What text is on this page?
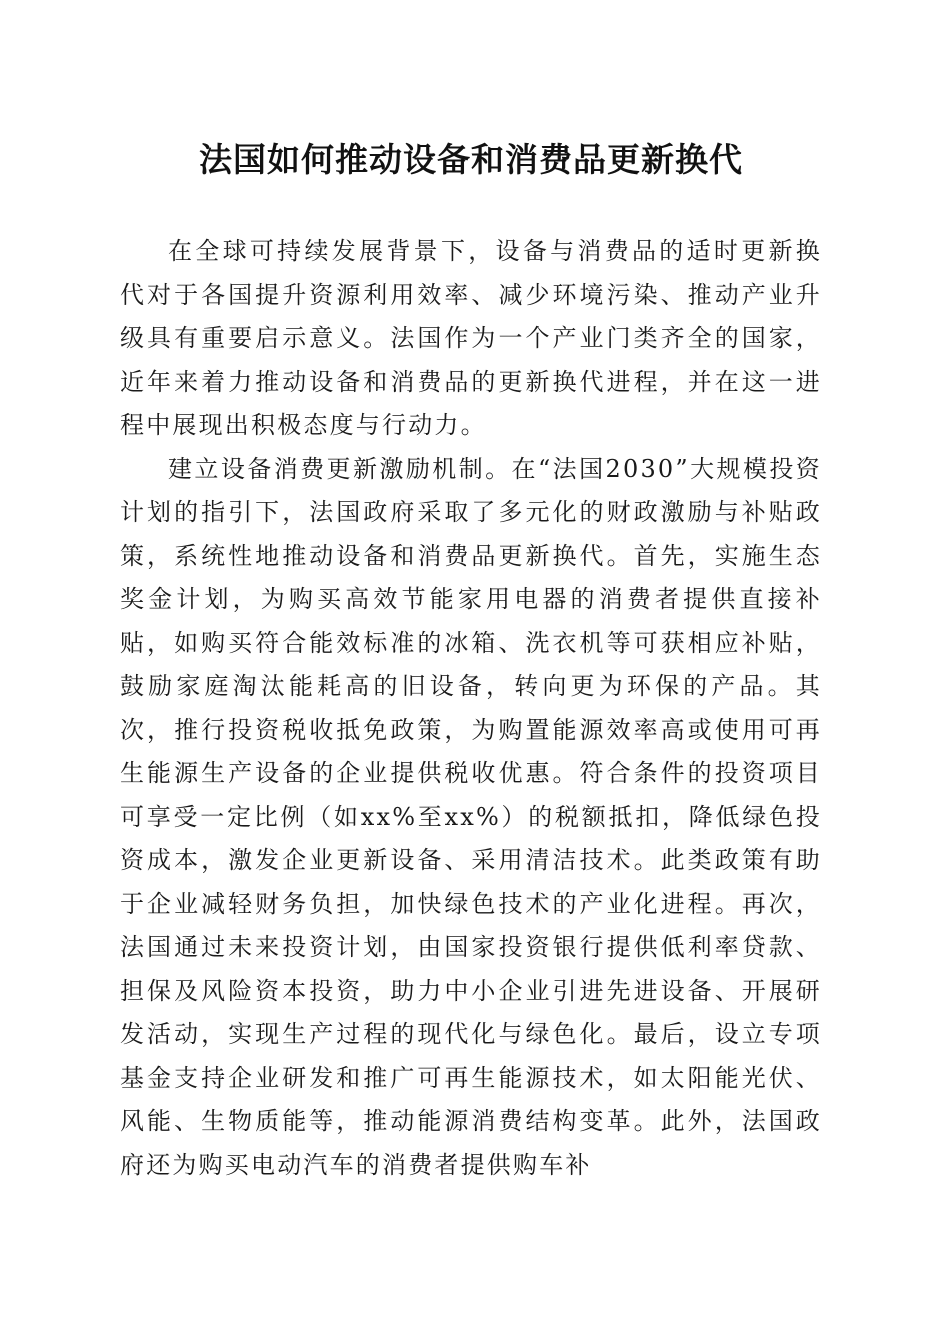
法国如何推动设备和消费品更新换代

在全球可持续发展背景下，设备与消费品的适时更新换代对于各国提升资源利用效率、减少环境污染、推动产业升级具有重要启示意义。法国作为一个产业门类齐全的国家，近年来着力推动设备和消费品的更新换代进程，并在这一进程中展现出积极态度与行动力。

建立设备消费更新激励机制。在“法国2030”大规模投资计划的指引下，法国政府采取了多元化的财政激励与补贴政策，系统性地推动设备和消费品更新换代。首先，实施生态奖金计划，为购买高效节能家用电器的消费者提供直接补贴，如购买符合能效标准的冰箱、洗衣机等可获相应补贴，鼓励家庭淘汰能耗高的旧设备，转向更为环保的产品。其次，推行投资税收抵免政策，为购置能源效率高或使用可再生能源生产设备的企业提供税收优惠。符合条件的投资项目可享受一定比例（如xx%至xx%）的税额抵扣，降低绿色投资成本，激发企业更新设备、采用清洁技术。此类政策有助于企业减轻财务负担，加快绿色技术的产业化进程。再次，法国通过未来投资计划，由国家投资银行提供低利率贷款、担保及风险资本投资，助力中小企业引进先进设备、开展研发活动，实现生产过程的现代化与绿色化。最后，设立专项基金支持企业研发和推广可再生能源技术，如太阳能光伏、风能、生物质能等，推动能源消费结构变革。此外，法国政府还为购买电动汽车的消费者提供购车补
